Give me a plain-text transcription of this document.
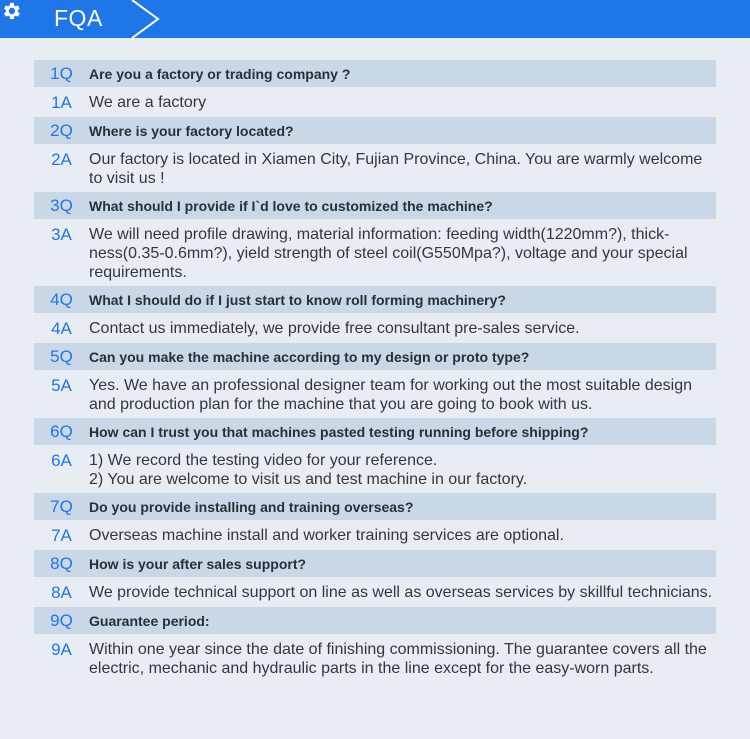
FQA
1Q	Are you a factory or trading company ?
1A	We are a factory
2Q	Where is your factory located?
2A	Our factory is located in Xiamen City, Fujian Province, China. You are warmly welcome to visit us !
3Q	What should I provide if I`d love to customized the machine?
3A	We will need profile drawing, material information: feeding width(1220mm?), thick-ness(0.35-0.6mm?), yield strength of steel coil(G550Mpa?), voltage and your special requirements.
4Q	What I should do if I just start to know roll forming machinery?
4A	Contact us immediately, we provide free consultant pre-sales service.
5Q	Can you make the machine according to my design or proto type?
5A	Yes. We have an professional designer team for working out the most suitable design and production plan for the machine that you are going to book with us.
6Q	How can I trust you that machines pasted testing running before shipping?
6A	1) We record the testing video for your reference.
2) You are welcome to visit us and test machine in our factory.
7Q	Do you provide installing and training overseas?
7A	Overseas machine install and worker training services are optional.
8Q	How is your after sales support?
8A	We provide technical support on line as well as overseas services by skillful technicians.
9Q	Guarantee period:
9A	Within one year since the date of finishing commissioning. The guarantee covers all the electric, mechanic and hydraulic parts in the line except for the easy-worn parts.
